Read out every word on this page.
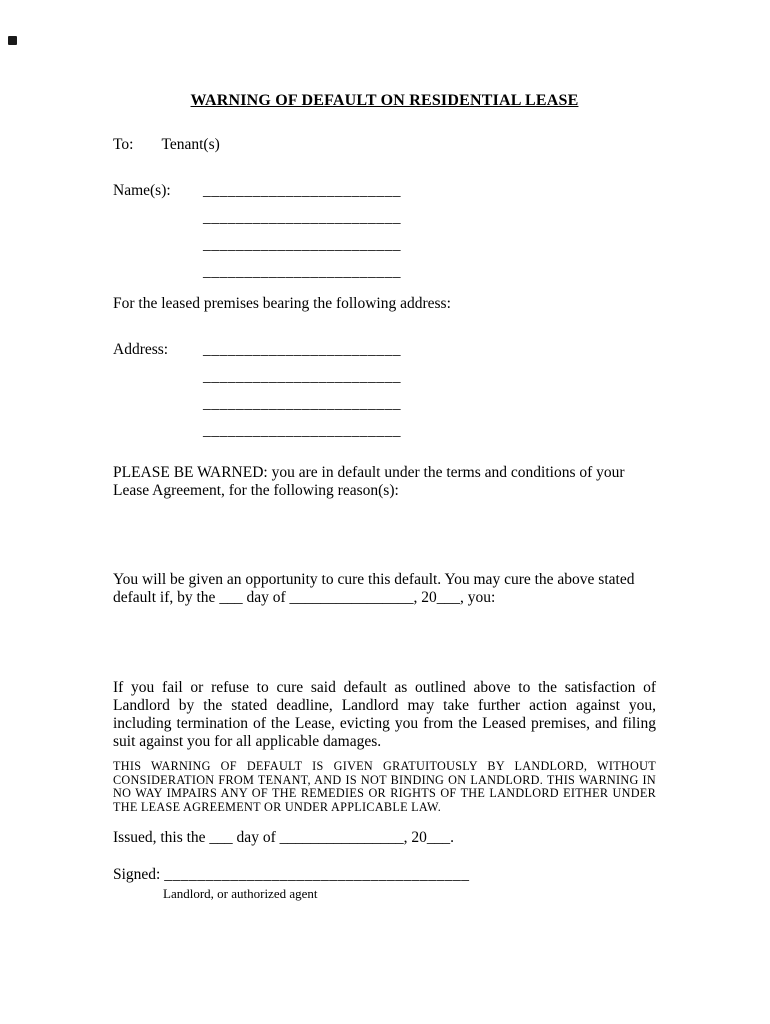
WARNING OF DEFAULT ON RESIDENTIAL LEASE
To: Tenant(s)
Name(s):	________________________
________________________
________________________
________________________
For the leased premises bearing the following address:
Address:	________________________
________________________
________________________
________________________
PLEASE BE WARNED: you are in default under the terms and conditions of your Lease Agreement, for the following reason(s):
You will be given an opportunity to cure this default. You may cure the above stated default if, by the ___ day of ________________, 20___, you:
If you fail or refuse to cure said default as outlined above to the satisfaction of Landlord by the stated deadline, Landlord may take further action against you, including termination of the Lease, evicting you from the Leased premises, and filing suit against you for all applicable damages.
THIS WARNING OF DEFAULT IS GIVEN GRATUITOUSLY BY LANDLORD, WITHOUT CONSIDERATION FROM TENANT, AND IS NOT BINDING ON LANDLORD. THIS WARNING IN NO WAY IMPAIRS ANY OF THE REMEDIES OR RIGHTS OF THE LANDLORD EITHER UNDER THE LEASE AGREEMENT OR UNDER APPLICABLE LAW.
Issued, this the ___ day of ________________, 20___.
Signed: _____________________________________
Landlord, or authorized agent
